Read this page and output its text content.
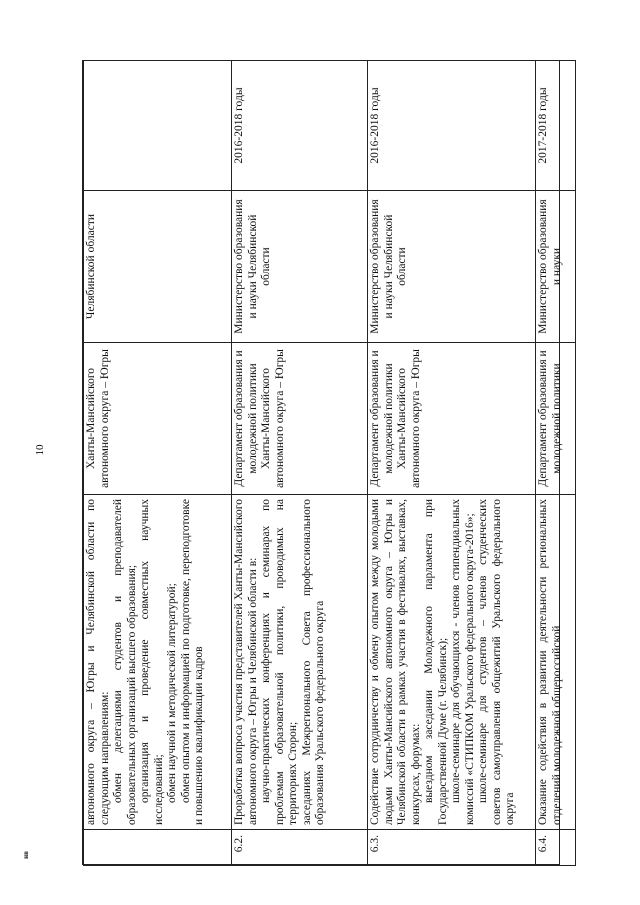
10
нв

	автономного округа – Югры и Челябинской области по следующим направлениям: обмен делегациями студентов и преподавателей образовательных организаций высшего образования; организация и проведение совместных научных исследований; обмен научной и методической литературой; обмен опытом и информацией по подготовке, переподготовке и повышению квалификации кадров	Ханты-Мансийского автономного округа – Югры	Челябинской области	
6.2.	Проработка вопроса участия представителей Ханты-Мансийского автономного округа – Югры и Челябинской области в: научно-практических конференциях и семинарах по проблемам образовательной политики, проводимых на территориях Сторон; заседаниях Межрегионального Совета профессионального образования Уральского федерального округа	Департамент образования и молодежной политики Ханты-Мансийского автономного округа – Югры	Министерство образования и науки Челябинской области	2016-2018 годы
6.3.	Содействие сотрудничеству и обмену опытом между молодыми людьми Ханты-Мансийского автономного округа – Югры и Челябинской области в рамках участия в фестивалях, выставках, конкурсах, форумах: выездном заседании Молодежного парламента при Государственной Думе (г. Челябинск); школе-семинаре для обучающихся - членов стипендиальных комиссий «СТИПКОМ Уральского федерального округа-2016»; школе-семинаре для студентов – членов студенческих советов самоуправления общежитий Уральского федерального округа	Департамент образования и молодежной политики Ханты-Мансийского автономного округа – Югры	Министерство образования и науки Челябинской области	2016-2018 годы
6.4.	Оказание содействия в развитии деятельности региональных отделений молодежной общероссийской	Департамент образования и молодежной политики	Министерство образования и науки	2017-2018 годы
